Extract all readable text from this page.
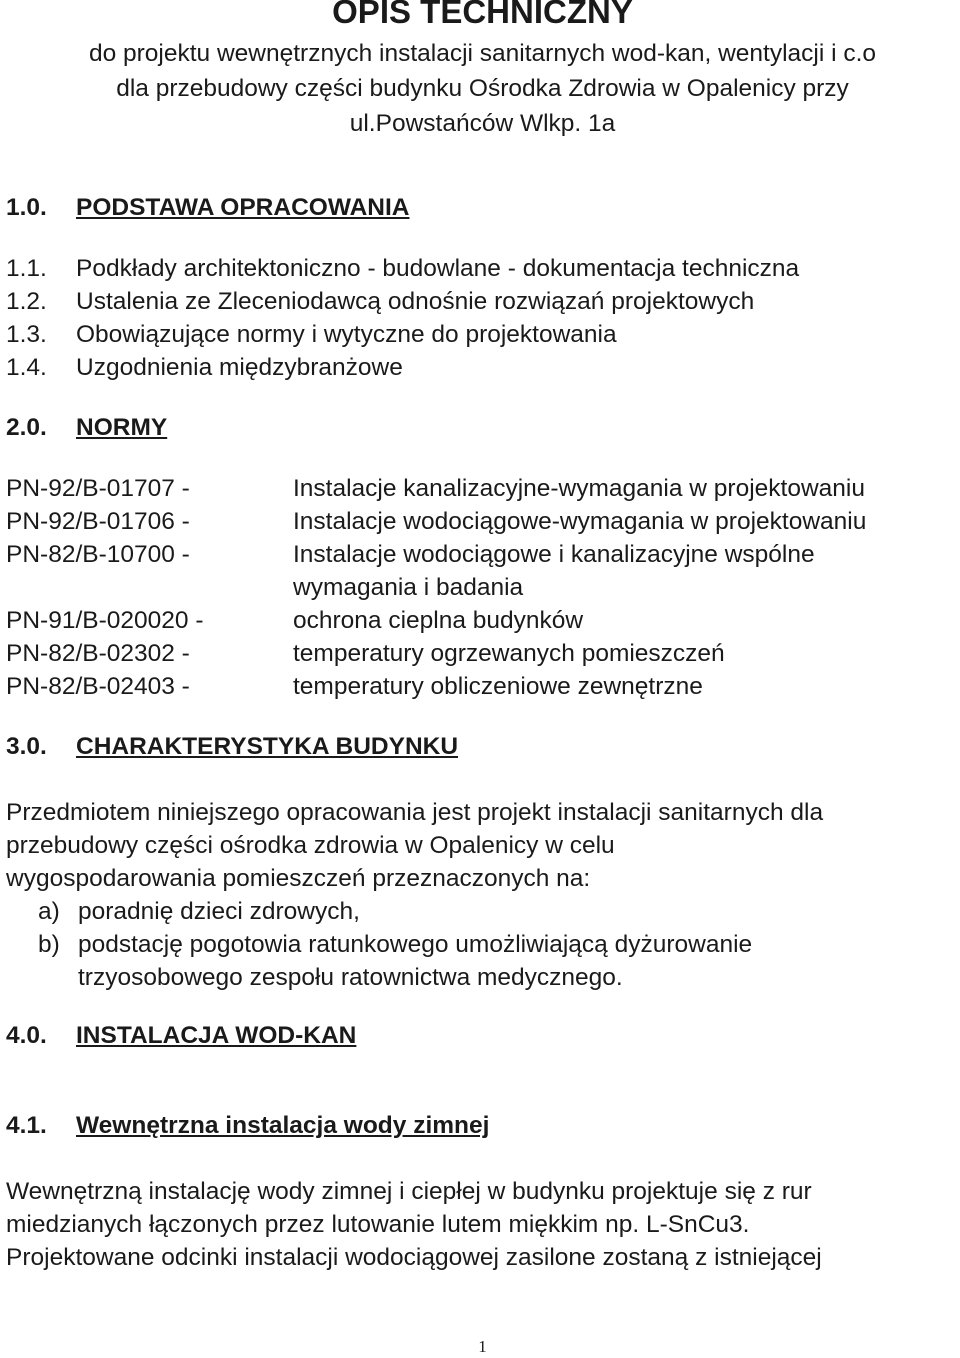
OPIS TECHNICZNY
do projektu wewnętrznych instalacji sanitarnych wod-kan, wentylacji i c.o
dla przebudowy części budynku Ośrodka Zdrowia w Opalenicy przy
ul.Powstańców Wlkp. 1a
1.0. PODSTAWA OPRACOWANIA
1.1. Podkłady architektoniczno - budowlane - dokumentacja techniczna
1.2. Ustalenia ze Zleceniodawcą odnośnie rozwiązań projektowych
1.3. Obowiązujące normy i wytyczne do projektowania
1.4. Uzgodnienia międzybranżowe
2.0. NORMY
PN-92/B-01707 -	Instalacje kanalizacyjne-wymagania w projektowaniu
PN-92/B-01706 -	Instalacje wodociągowe-wymagania w projektowaniu
PN-82/B-10700 -	Instalacje wodociągowe i kanalizacyjne wspólne
wymagania i badania
PN-91/B-020020 -	ochrona cieplna budynków
PN-82/B-02302 -	temperatury ogrzewanych pomieszczeń
PN-82/B-02403 -	temperatury obliczeniowe zewnętrzne
3.0. CHARAKTERYSTYKA BUDYNKU
Przedmiotem niniejszego opracowania jest projekt instalacji sanitarnych dla
przebudowy części ośrodka zdrowia w Opalenicy w celu
wygospodarowania pomieszczeń przeznaczonych na:
a) poradnię dzieci zdrowych,
b) podstację pogotowia ratunkowego umożliwiającą dyżurowanie
trzyosobowego zespołu ratownictwa medycznego.
4.0. INSTALACJA WOD-KAN
4.1. Wewnętrzna instalacja wody zimnej
Wewnętrzną instalację wody zimnej i ciepłej w budynku projektuje się z rur
miedzianych łączonych przez lutowanie lutem miękkim np. L-SnCu3.
Projektowane odcinki instalacji wodociągowej zasilone zostaną z istniejącej
1
